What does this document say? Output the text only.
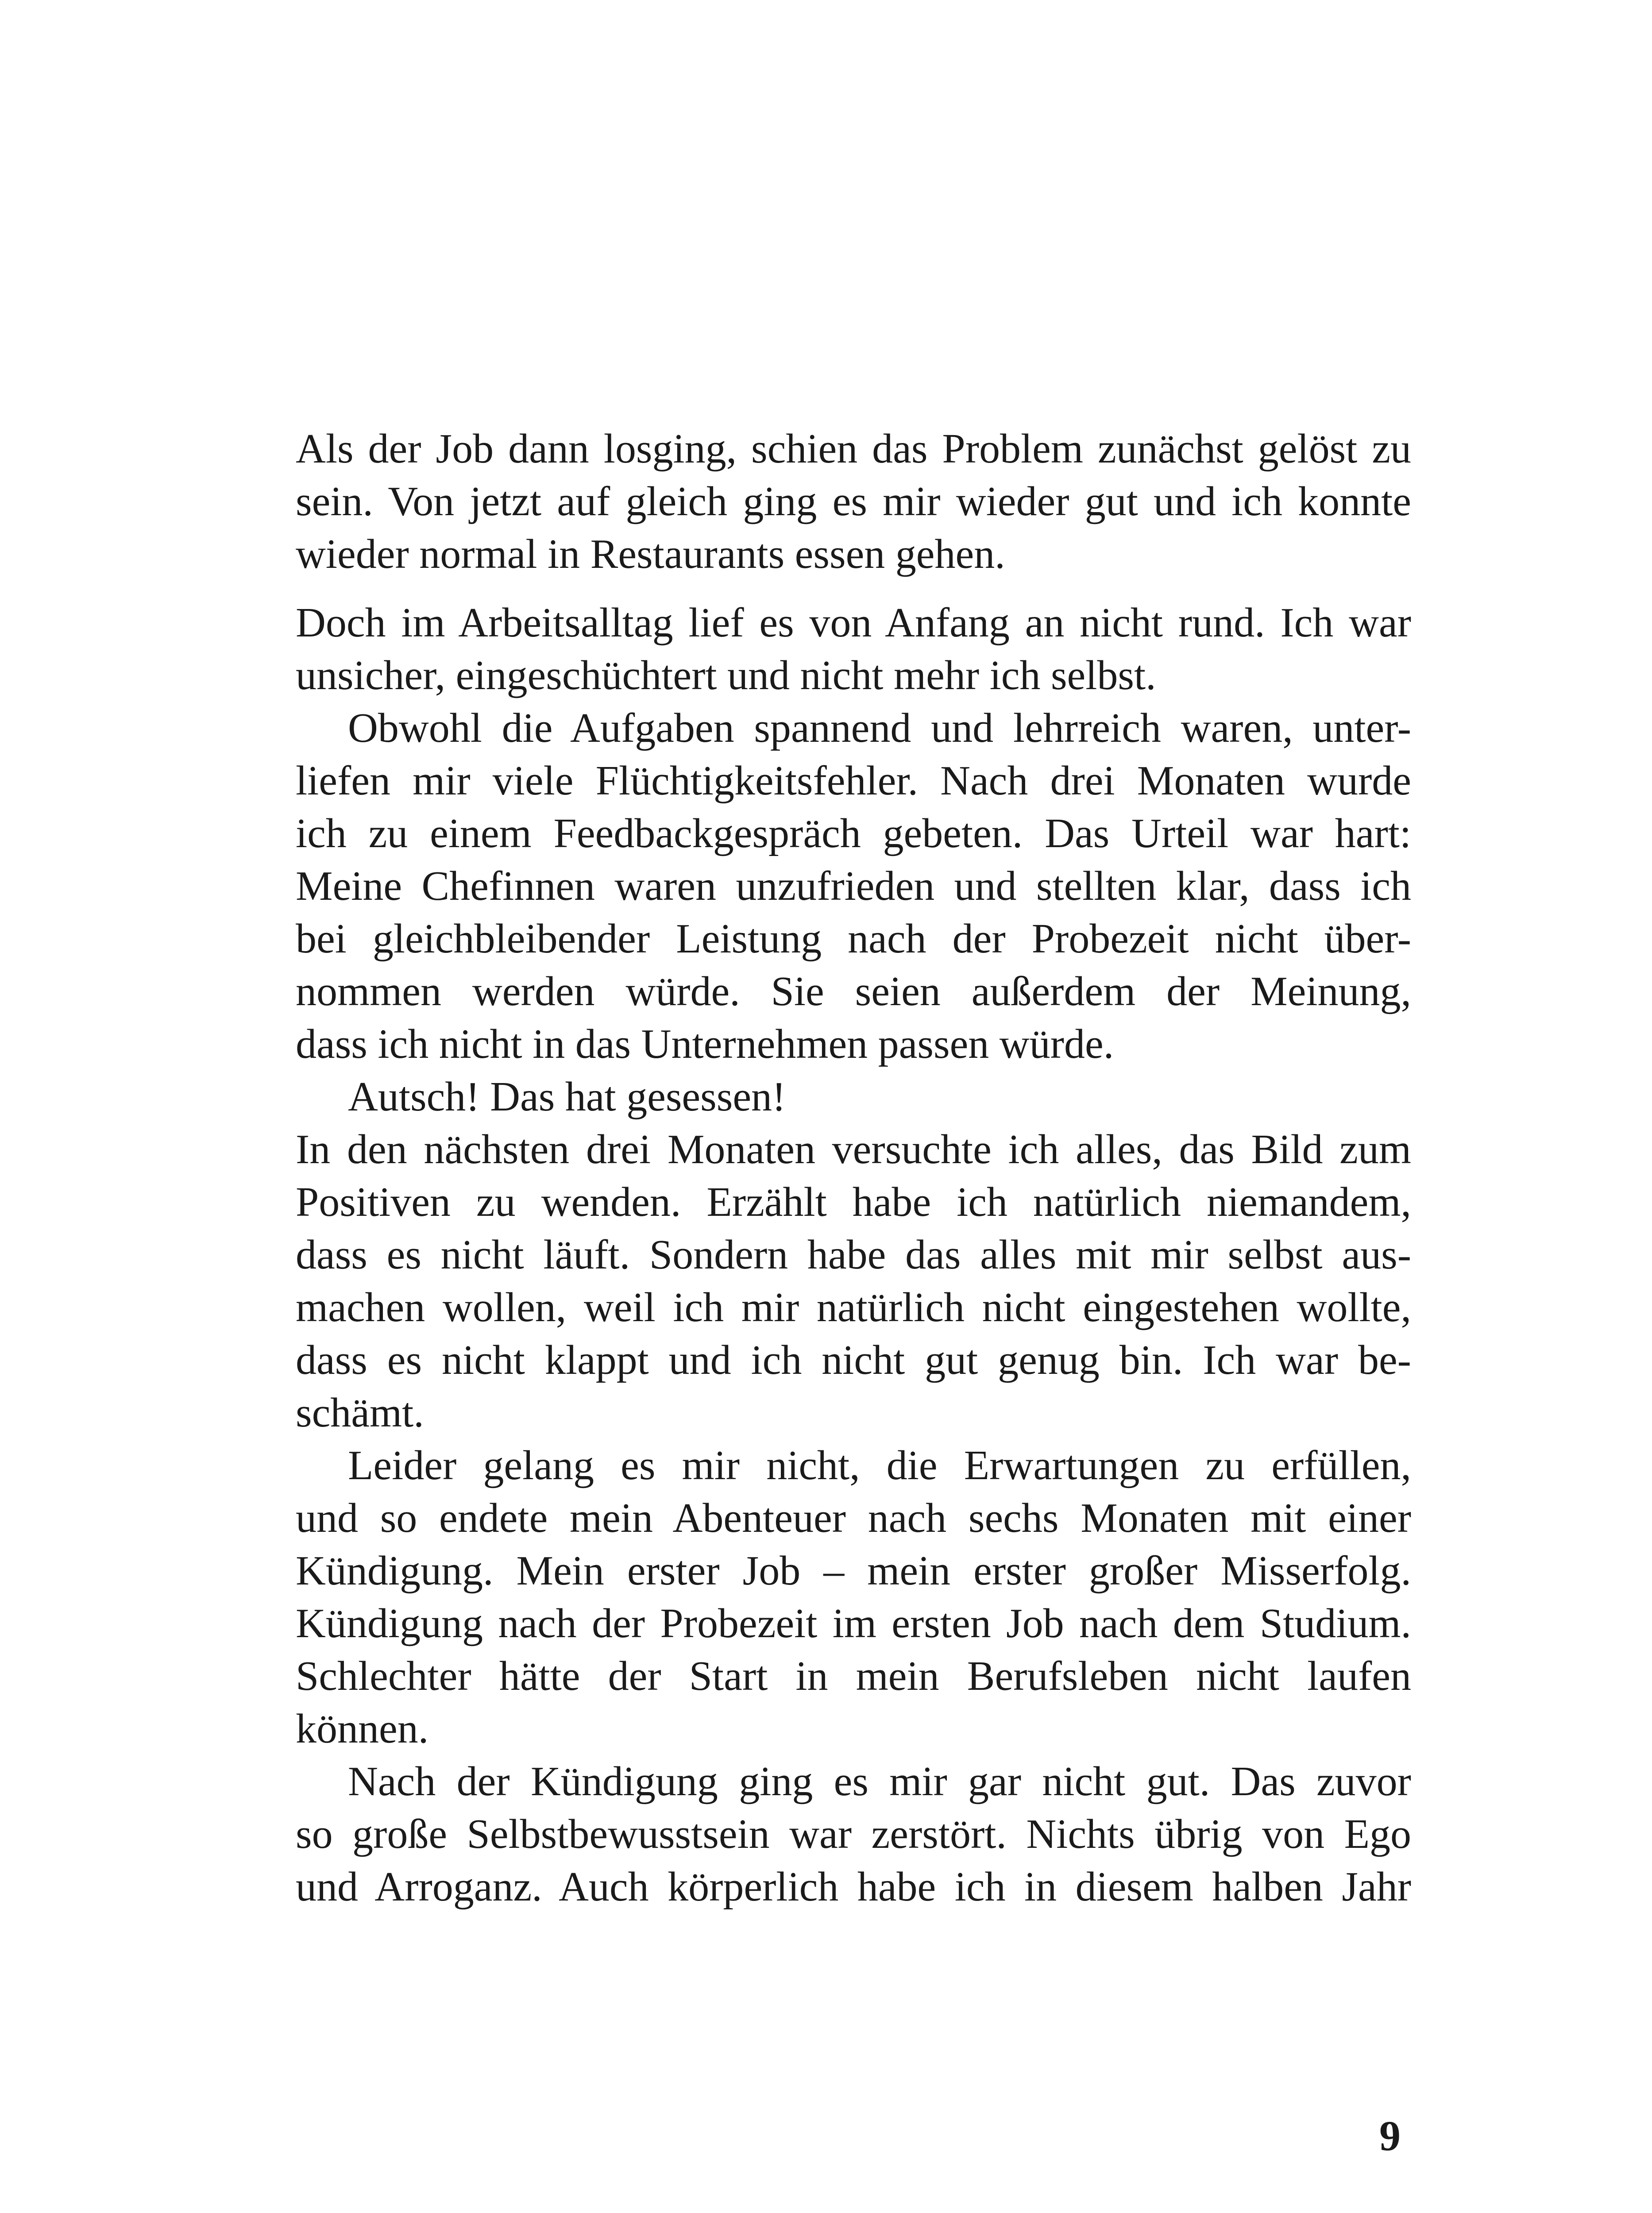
Als der Job dann losging, schien das Problem zunächst gelöst zu
sein. Von jetzt auf gleich ging es mir wieder gut und ich konnte
wieder normal in Restaurants essen gehen.
Doch im Arbeitsalltag lief es von Anfang an nicht rund. Ich war
unsicher, eingeschüchtert und nicht mehr ich selbst.
Obwohl die Aufgaben spannend und lehrreich waren, unter-
liefen mir viele Flüchtigkeitsfehler. Nach drei Monaten wurde
ich zu einem Feedbackgespräch gebeten. Das Urteil war hart:
Meine Chefinnen waren unzufrieden und stellten klar, dass ich
bei gleichbleibender Leistung nach der Probezeit nicht über-
nommen werden würde. Sie seien außerdem der Meinung,
dass ich nicht in das Unternehmen passen würde.
Autsch! Das hat gesessen!
In den nächsten drei Monaten versuchte ich alles, das Bild zum
Positiven zu wenden. Erzählt habe ich natürlich niemandem,
dass es nicht läuft. Sondern habe das alles mit mir selbst aus-
machen wollen, weil ich mir natürlich nicht eingestehen wollte,
dass es nicht klappt und ich nicht gut genug bin. Ich war be-
schämt.
Leider gelang es mir nicht, die Erwartungen zu erfüllen,
und so endete mein Abenteuer nach sechs Monaten mit einer
Kündigung. Mein erster Job – mein erster großer Misserfolg.
Kündigung nach der Probezeit im ersten Job nach dem Studium.
Schlechter hätte der Start in mein Berufsleben nicht laufen
können.
Nach der Kündigung ging es mir gar nicht gut. Das zuvor
so große Selbstbewusstsein war zerstört. Nichts übrig von Ego
und Arroganz. Auch körperlich habe ich in diesem halben Jahr
9
